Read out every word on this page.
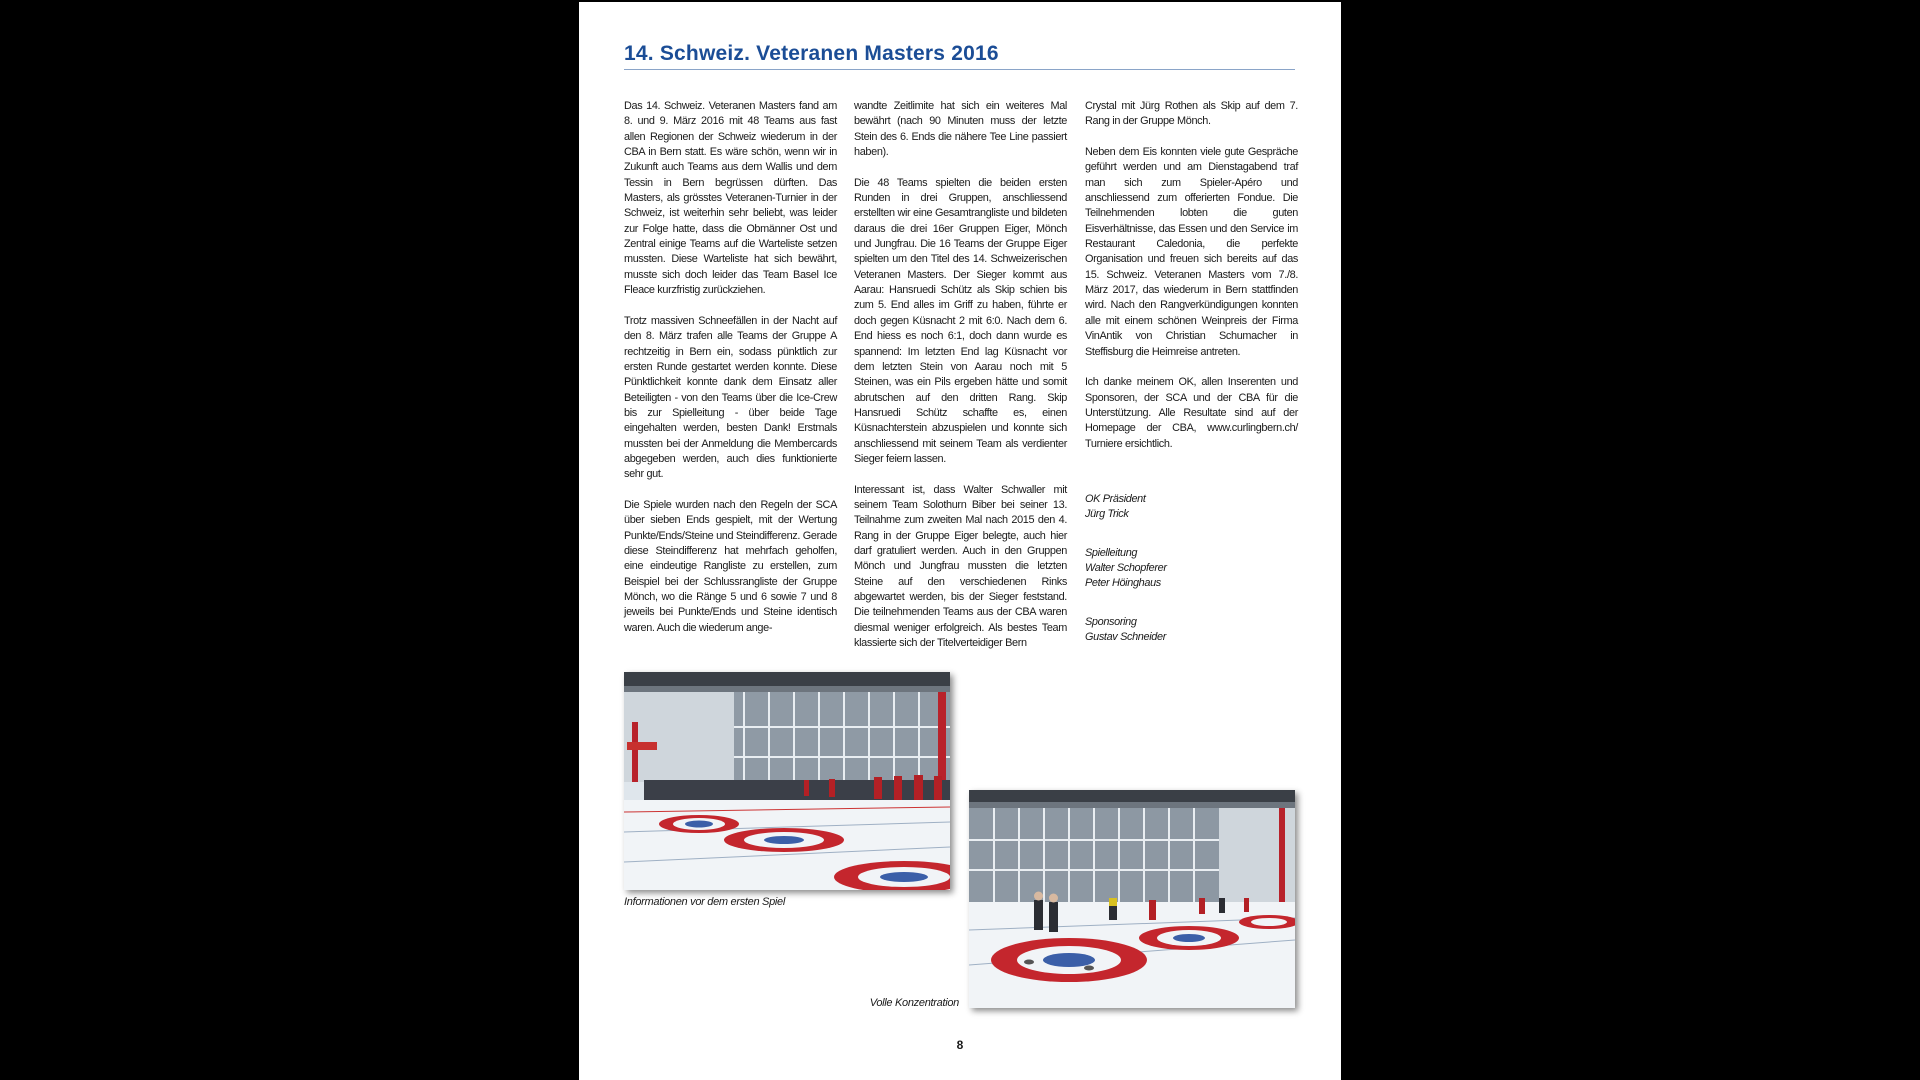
14. Schweiz. Veteranen Masters 2016

Das 14. Schweiz. Veteranen Masters fand am 8. und 9. März 2016 mit 48 Teams aus fast allen Regionen der Schweiz wiederum in der CBA in Bern statt. Es wäre schön, wenn wir in Zukunft auch Teams aus dem Wallis und dem Tessin in Bern begrüssen dürften. Das Masters, als grösstes Veteranen-Turnier in der Schweiz, ist weiterhin sehr beliebt, was leider zur Folge hatte, dass die Obmänner Ost und Zentral einige Teams auf die Warteliste setzen mussten. Diese Warteliste hat sich bewährt, musste sich doch leider das Team Basel Ice Fleace kurzfristig zurückziehen.

Trotz massiven Schneefällen in der Nacht auf den 8. März trafen alle Teams der Gruppe A rechtzeitig in Bern ein, sodass pünktlich zur ersten Runde gestartet werden konnte. Diese Pünktlichkeit konnte dank dem Einsatz aller Beteiligten - von den Teams über die Ice-Crew bis zur Spielleitung - über beide Tage eingehalten werden, besten Dank! Erstmals mussten bei der Anmeldung die Membercards abgegeben werden, auch dies funktionierte sehr gut.

Die Spiele wurden nach den Regeln der SCA über sieben Ends gespielt, mit der Wertung Punkte/Ends/Steine und Steindifferenz. Gerade diese Steindifferenz hat mehrfach geholfen, eine eindeutige Rangliste zu erstellen, zum Beispiel bei der Schlussrangliste der Gruppe Mönch, wo die Ränge 5 und 6 sowie 7 und 8 jeweils bei Punkte/Ends und Steine identisch waren. Auch die wiederum ange-

wandte Zeitlimite hat sich ein weiteres Mal bewährt (nach 90 Minuten muss der letzte Stein des 6. Ends die nähere Tee Line passiert haben).

Die 48 Teams spielten die beiden ersten Runden in drei Gruppen, anschliessend erstellten wir eine Gesamtrangliste und bildeten daraus die drei 16er Gruppen Eiger, Mönch und Jungfrau. Die 16 Teams der Gruppe Eiger spielten um den Titel des 14. Schweizerischen Veteranen Masters. Der Sieger kommt aus Aarau: Hansruedi Schütz als Skip schien bis zum 5. End alles im Griff zu haben, führte er doch gegen Küsnacht 2 mit 6:0. Nach dem 6. End hiess es noch 6:1, doch dann wurde es spannend: Im letzten End lag Küsnacht vor dem letzten Stein von Aarau noch mit 5 Steinen, was ein Pils ergeben hätte und somit abrutschen auf den dritten Rang. Skip Hansruedi Schütz schaffte es, einen Küsnachterstein abzuspielen und konnte sich anschliessend mit seinem Team als verdienter Sieger feiern lassen.

Interessant ist, dass Walter Schwaller mit seinem Team Solothurn Biber bei seiner 13. Teilnahme zum zweiten Mal nach 2015 den 4. Rang in der Gruppe Eiger belegte, auch hier darf gratuliert werden. Auch in den Gruppen Mönch und Jungfrau mussten die letzten Steine auf den verschiedenen Rinks abgewartet werden, bis der Sieger feststand. Die teilnehmenden Teams aus der CBA waren diesmal weniger erfolgreich. Als bestes Team klassierte sich der Titelverteidiger Bern

Crystal mit Jürg Rothen als Skip auf dem 7. Rang in der Gruppe Mönch.

Neben dem Eis konnten viele gute Gespräche geführt werden und am Dienstagabend traf man sich zum Spieler-Apéro und anschliessend zum offerierten Fondue. Die Teilnehmenden lobten die guten Eisverhältnisse, das Essen und den Service im Restaurant Caledonia, die perfekte Organisation und freuen sich bereits auf das 15. Schweiz. Veteranen Masters vom 7./8. März 2017, das wiederum in Bern stattfinden wird. Nach den Rangverkündigungen konnten alle mit einem schönen Weinpreis der Firma VinAntik von Christian Schumacher in Steffisburg die Heimreise antreten.

Ich danke meinem OK, allen Inserenten und Sponsoren, der SCA und der CBA für die Unterstützung. Alle Resultate sind auf der Homepage der CBA, www.curlingbern.ch/ Turniere ersichtlich.

OK Präsident
Jürg Trick
Spielleitung
Walter Schopferer
Peter Höinghaus
Sponsoring
Gustav Schneider
Informationen vor dem ersten Spiel
Volle Konzentration
8
